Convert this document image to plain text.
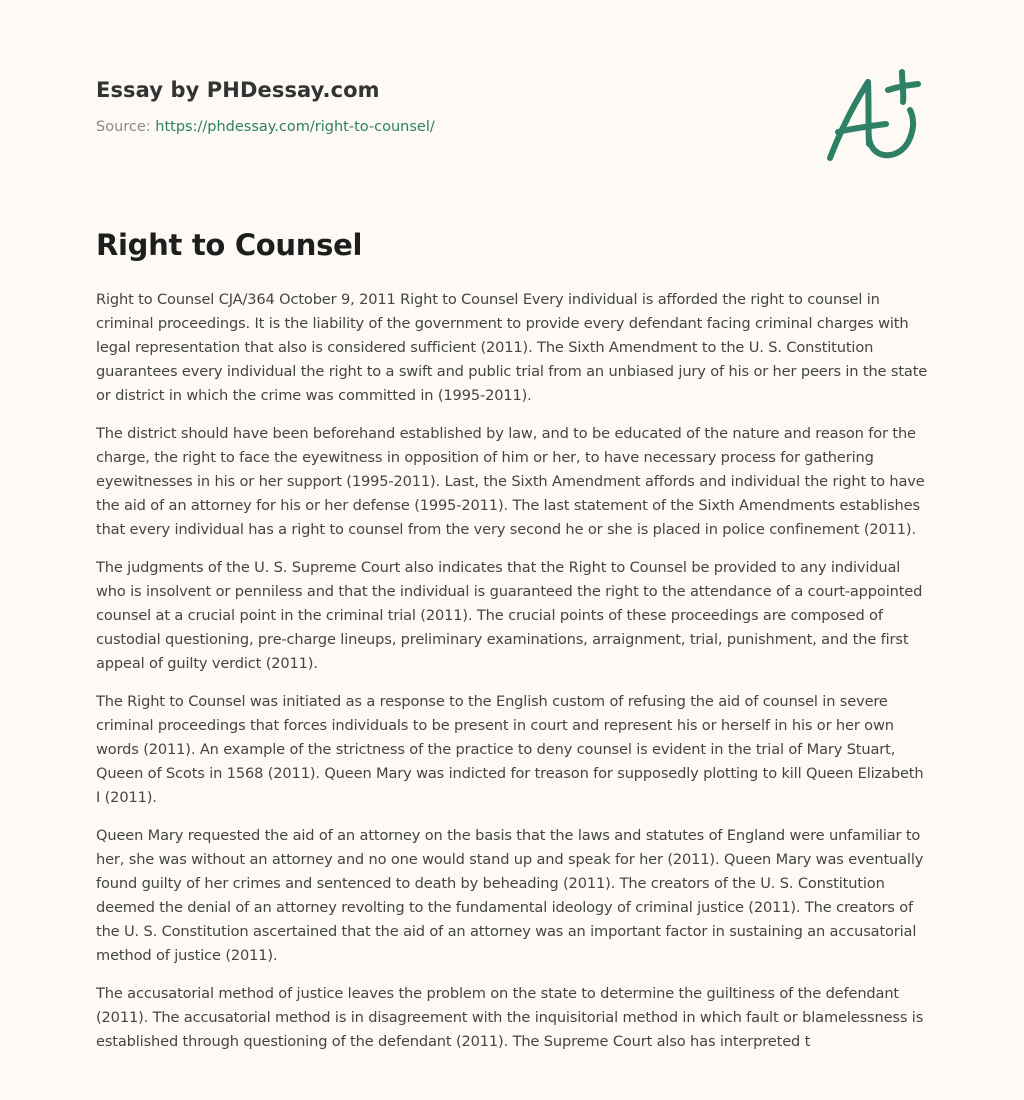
Essay by PHDessay.com
Source: https://phdessay.com/right-to-counsel/
Right to Counsel

Right to Counsel CJA/364 October 9, 2011 Right to Counsel Every individual is afforded the right to counsel in criminal proceedings. It is the liability of the government to provide every defendant facing criminal charges with legal representation that also is considered sufficient (2011). The Sixth Amendment to the U. S. Constitution guarantees every individual the right to a swift and public trial from an unbiased jury of his or her peers in the state or district in which the crime was committed in (1995-2011).

The district should have been beforehand established by law, and to be educated of the nature and reason for the charge, the right to face the eyewitness in opposition of him or her, to have necessary process for gathering eyewitnesses in his or her support (1995-2011). Last, the Sixth Amendment affords and individual the right to have the aid of an attorney for his or her defense (1995-2011). The last statement of the Sixth Amendments establishes that every individual has a right to counsel from the very second he or she is placed in police confinement (2011).

The judgments of the U. S. Supreme Court also indicates that the Right to Counsel be provided to any individual who is insolvent or penniless and that the individual is guaranteed the right to the attendance of a court-appointed counsel at a crucial point in the criminal trial (2011). The crucial points of these proceedings are composed of custodial questioning, pre-charge lineups, preliminary examinations, arraignment, trial, punishment, and the first appeal of guilty verdict (2011).

The Right to Counsel was initiated as a response to the English custom of refusing the aid of counsel in severe criminal proceedings that forces individuals to be present in court and represent his or herself in his or her own words (2011). An example of the strictness of the practice to deny counsel is evident in the trial of Mary Stuart, Queen of Scots in 1568 (2011). Queen Mary was indicted for treason for supposedly plotting to kill Queen Elizabeth I (2011).

Queen Mary requested the aid of an attorney on the basis that the laws and statutes of England were unfamiliar to her, she was without an attorney and no one would stand up and speak for her (2011). Queen Mary was eventually found guilty of her crimes and sentenced to death by beheading (2011). The creators of the U. S. Constitution deemed the denial of an attorney revolting to the fundamental ideology of criminal justice (2011). The creators of the U. S. Constitution ascertained that the aid of an attorney was an important factor in sustaining an accusatorial method of justice (2011).

The accusatorial method of justice leaves the problem on the state to determine the guiltiness of the defendant (2011). The accusatorial method is in disagreement with the inquisitorial method in which fault or blamelessness is established through questioning of the defendant (2011). The Supreme Court also has interpreted t
